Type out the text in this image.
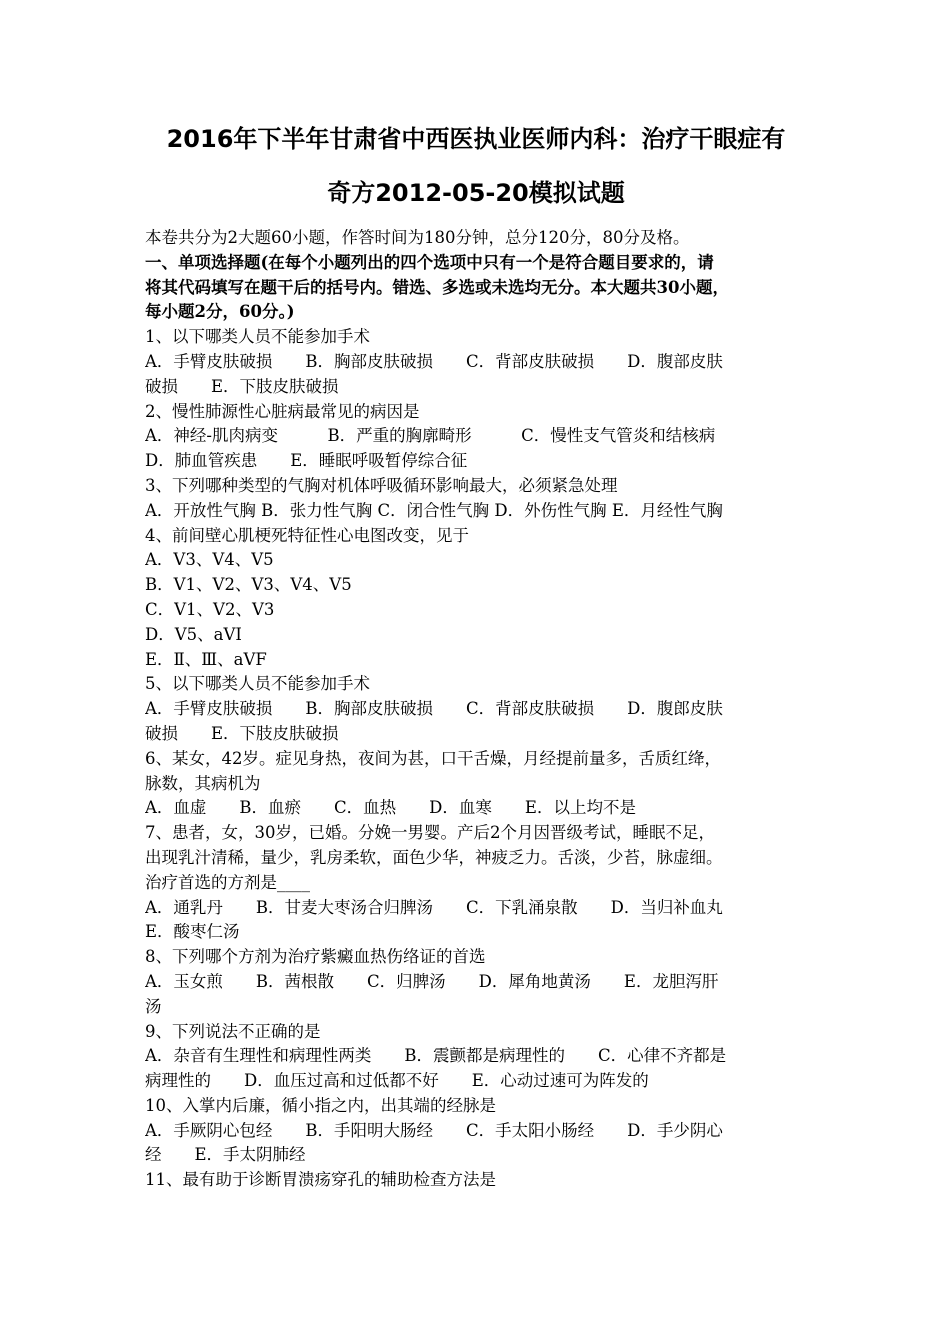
2016年下半年甘肃省中西医执业医师内科：治疗干眼症有
奇方2012-05-20模拟试题
本卷共分为2大题60小题，作答时间为180分钟，总分120分，80分及格。
一、单项选择题(在每个小题列出的四个选项中只有一个是符合题目要求的，请
将其代码填写在题干后的括号内。错选、多选或未选均无分。本大题共30小题，
每小题2分，60分。)
1、以下哪类人员不能参加手术
A．手臂皮肤破损　　B．胸部皮肤破损　　C．背部皮肤破损　　D．腹部皮肤
破损　　E．下肢皮肤破损
2、慢性肺源性心脏病最常见的病因是
A．神经-肌肉病变　　　B．严重的胸廓畸形　　　C．慢性支气管炎和结核病
D．肺血管疾患　　E．睡眠呼吸暂停综合征
3、下列哪种类型的气胸对机体呼吸循环影响最大，必须紧急处理
A．开放性气胸 B．张力性气胸 C．闭合性气胸 D．外伤性气胸 E．月经性气胸
4、前间壁心肌梗死特征性心电图改变，见于
A．V3、V4、V5
B．V1、V2、V3、V4、V5
C．V1、V2、V3
D．V5、aVI
E．Ⅱ、Ⅲ、aVF
5、以下哪类人员不能参加手术
A．手臂皮肤破损　　B．胸部皮肤破损　　C．背部皮肤破损　　D．腹郎皮肤
破损　　E．下肢皮肤破损
6、某女，42岁。症见身热，夜间为甚，口干舌燥，月经提前量多，舌质红绛，
脉数，其病机为
A．血虚　　B．血瘀　　C．血热　　D．血寒　　E．以上均不是
7、患者，女，30岁，已婚。分娩一男婴。产后2个月因晋级考试，睡眠不足，
出现乳汁清稀，量少，乳房柔软，面色少华，神疲乏力。舌淡，少苔，脉虚细。
治疗首选的方剂是____
A．通乳丹　　B．甘麦大枣汤合归脾汤　　C．下乳涌泉散　　D．当归补血丸
E．酸枣仁汤
8、下列哪个方剂为治疗紫癜血热伤络证的首选
A．玉女煎　　B．茜根散　　C．归脾汤　　D．犀角地黄汤　　E．龙胆泻肝
汤
9、下列说法不正确的是
A．杂音有生理性和病理性两类　　B．震颤都是病理性的　　C．心律不齐都是
病理性的　　D．血压过高和过低都不好　　E．心动过速可为阵发的
10、入掌内后廉，循小指之内，出其端的经脉是
A．手厥阴心包经　　B．手阳明大肠经　　C．手太阳小肠经　　D．手少阴心
经　　E．手太阴肺经
11、最有助于诊断胃溃疡穿孔的辅助检查方法是
